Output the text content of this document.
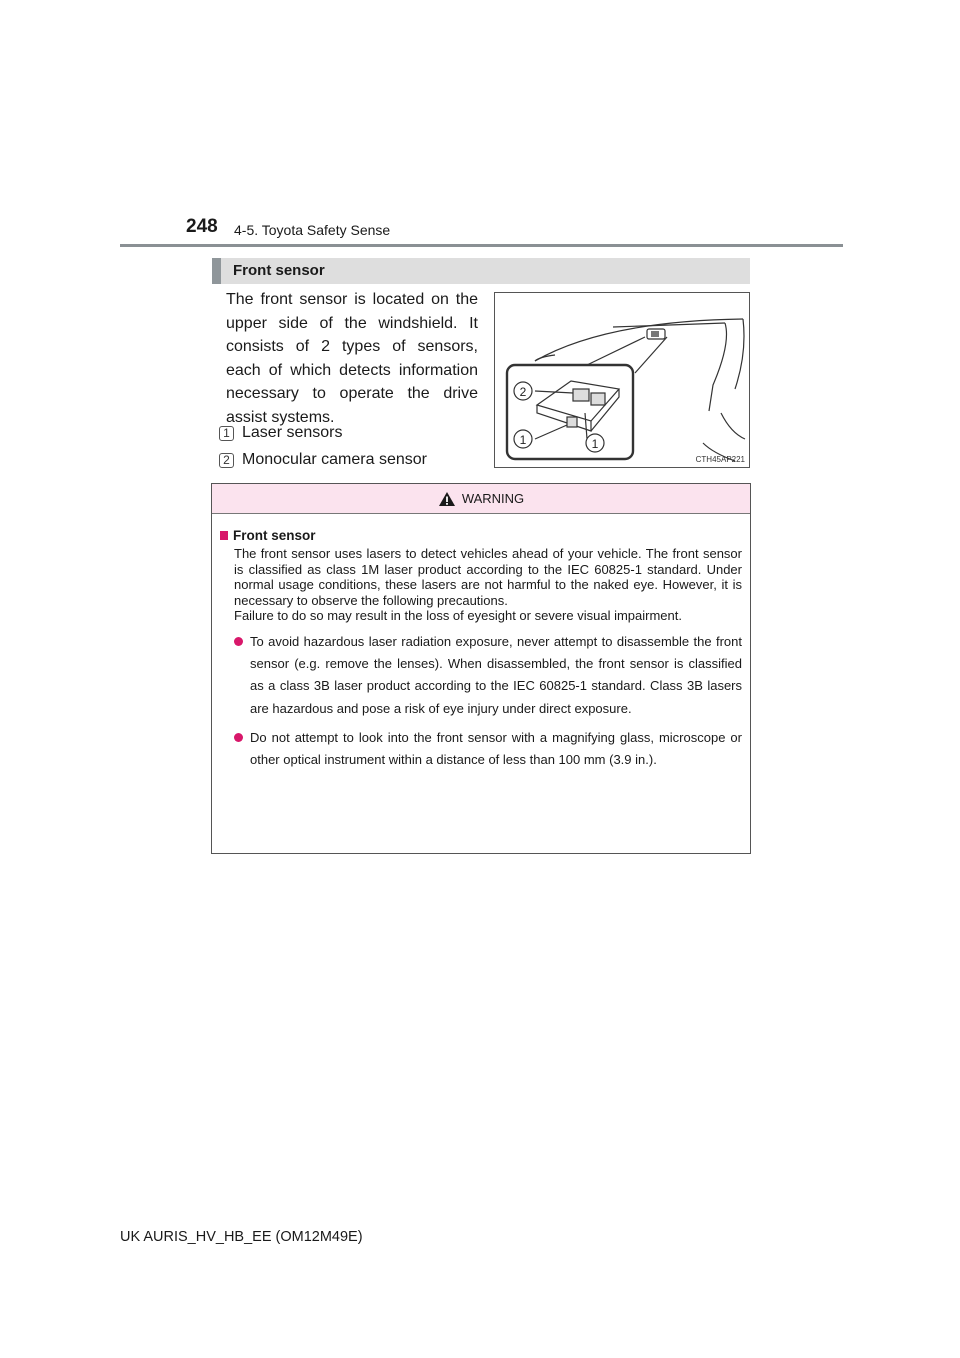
248 4-5. Toyota Safety Sense
Front sensor

The front sensor is located on the upper side of the windshield. It consists of 2 types of sensors, each of which detects information necessary to operate the drive assist systems.

1 Laser sensors
2 Monocular camera sensor
2
1	1
CTH45AP221
WARNING

Front sensor

The front sensor uses lasers to detect vehicles ahead of your vehicle. The front sensor is classified as class 1M laser product according to the IEC 60825-1 standard. Under normal usage conditions, these lasers are not harmful to the naked eye. However, it is necessary to observe the following precautions.

Failure to do so may result in the loss of eyesight or severe visual impairment.

To avoid hazardous laser radiation exposure, never attempt to disassemble the front sensor (e.g. remove the lenses). When disassembled, the front sensor is classified as a class 3B laser product according to the IEC 60825-1 standard. Class 3B lasers are hazardous and pose a risk of eye injury under direct exposure.

Do not attempt to look into the front sensor with a magnifying glass, microscope or other optical instrument within a distance of less than 100 mm (3.9 in.).

UK AURIS_HV_HB_EE (OM12M49E)
